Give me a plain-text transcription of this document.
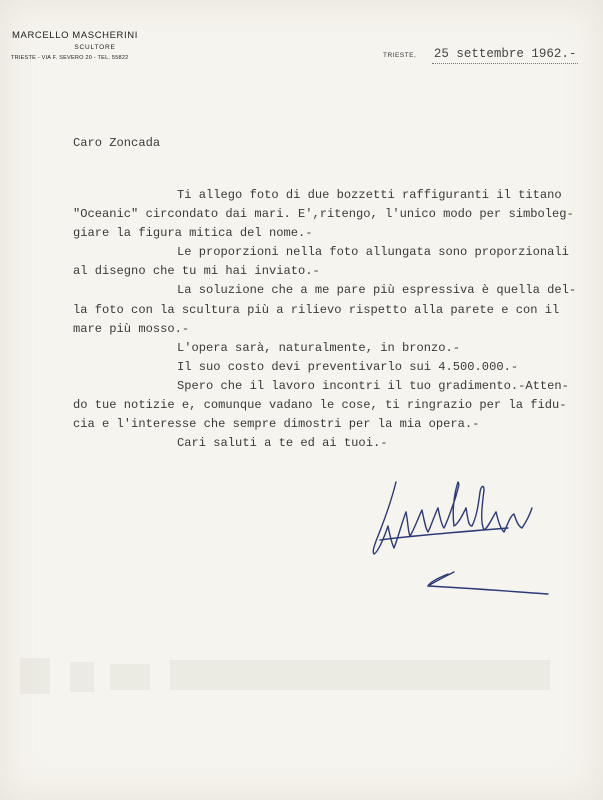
MARCELLO MASCHERINI
SCULTORE
TRIESTE - VIA F. SEVERO 20 - TEL. 55822	TRIESTE, 25 settembre 1962.-
Caro Zoncada
Ti allego foto di due bozzetti raffiguranti il titano
"Oceanic" circondato dai mari. E',ritengo, l'unico modo per simboleg-
giare la figura mitica del nome.-
Le proporzioni nella foto allungata sono proporzionali
al disegno che tu mi hai inviato.-
La soluzione che a me pare più espressiva è quella del-
la foto con la scultura più a rilievo rispetto alla parete e con il
mare più mosso.-
L'opera sarà, naturalmente, in bronzo.-
Il suo costo devi preventivarlo sui 4.500.000.-
Spero che il lavoro incontri il tuo gradimento.-Atten-
do tue notizie e, comunque vadano le cose, ti ringrazio per la fidu-
cia e l'interesse che sempre dimostri per la mia opera.-
Cari saluti a te ed ai tuoi.-
